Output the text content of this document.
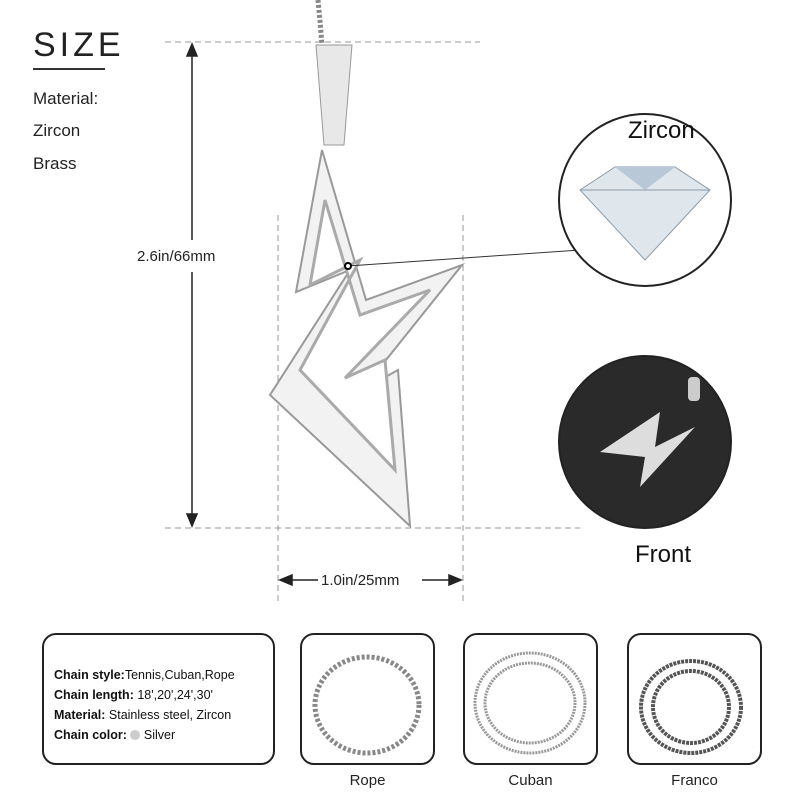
SIZE
Material:
Zircon
Brass
2.6in/66mm
1.0in/25mm
Zircon
Front
Chain style:Tennis,Cuban,Rope
Chain length: 18',20',24',30'
Material: Stainless steel, Zircon
Chain color: Silver
Rope	Cuban	Franco
